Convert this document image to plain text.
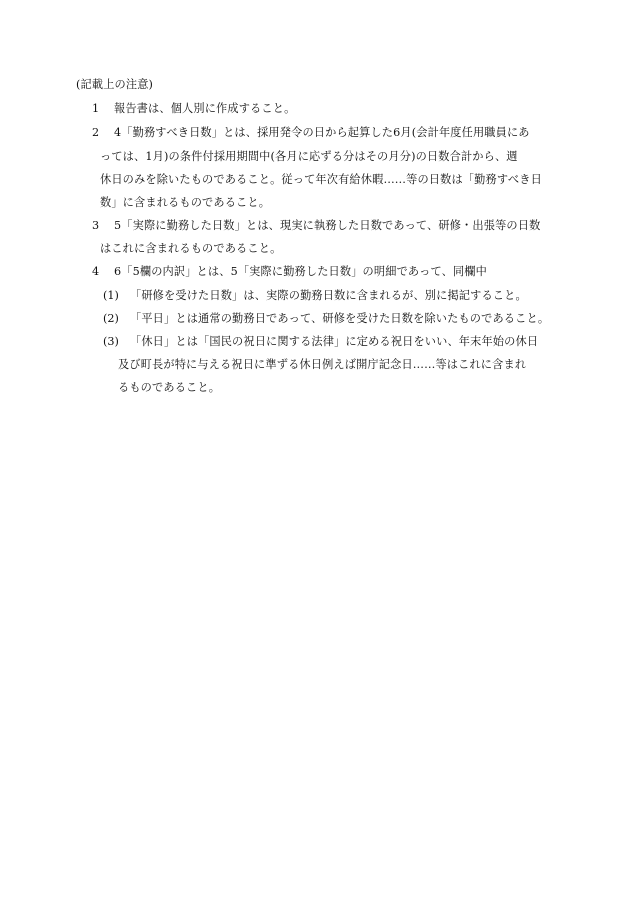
(記載上の注意)
1 報告書は、個人別に作成すること。
2 4「勤務すべき日数」とは、採用発令の日から起算した6月(会計年度任用職員にあ
っては、1月)の条件付採用期間中(各月に応ずる分はその月分)の日数合計から、週
休日のみを除いたものであること。従って年次有給休暇……等の日数は「勤務すべき日
数」に含まれるものであること。
3 5「実際に勤務した日数」とは、現実に執務した日数であって、研修・出張等の日数
はこれに含まれるものであること。
4 6「5欄の内訳」とは、5「実際に勤務した日数」の明細であって、同欄中
(1) 「研修を受けた日数」は、実際の勤務日数に含まれるが、別に掲記すること。
(2) 「平日」とは通常の勤務日であって、研修を受けた日数を除いたものであること。
(3) 「休日」とは「国民の祝日に関する法律」に定める祝日をいい、年末年始の休日
及び町長が特に与える祝日に準ずる休日例えば開庁記念日……等はこれに含まれ
るものであること。
